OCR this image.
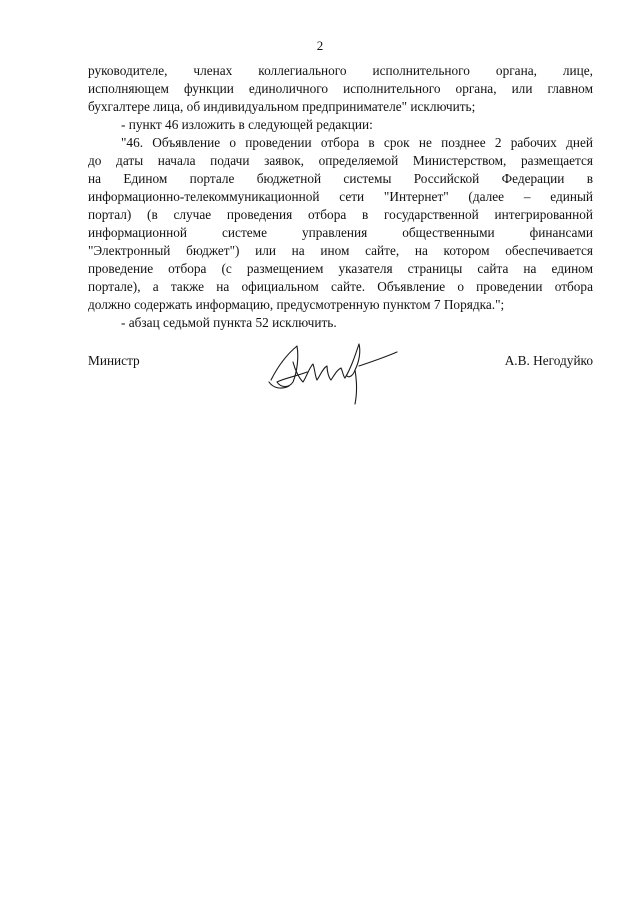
2
руководителе, членах коллегиального исполнительного органа, лице,
исполняющем функции единоличного исполнительного органа, или главном
бухгалтере лица, об индивидуальном предпринимателе" исключить;
- пункт 46 изложить в следующей редакции:
"46. Объявление о проведении отбора в срок не позднее 2 рабочих дней
до даты начала подачи заявок, определяемой Министерством, размещается
на Едином портале бюджетной системы Российской Федерации в
информационно-телекоммуникационной сети "Интернет" (далее – единый
портал) (в случае проведения отбора в государственной интегрированной
информационной системе управления общественными финансами
"Электронный бюджет") или на ином сайте, на котором обеспечивается
проведение отбора (с размещением указателя страницы сайта на едином
портале), а также на официальном сайте. Объявление о проведении отбора
должно содержать информацию, предусмотренную пунктом 7 Порядка.";
- абзац седьмой пункта 52 исключить.
Министр	А.В. Негодуйко
